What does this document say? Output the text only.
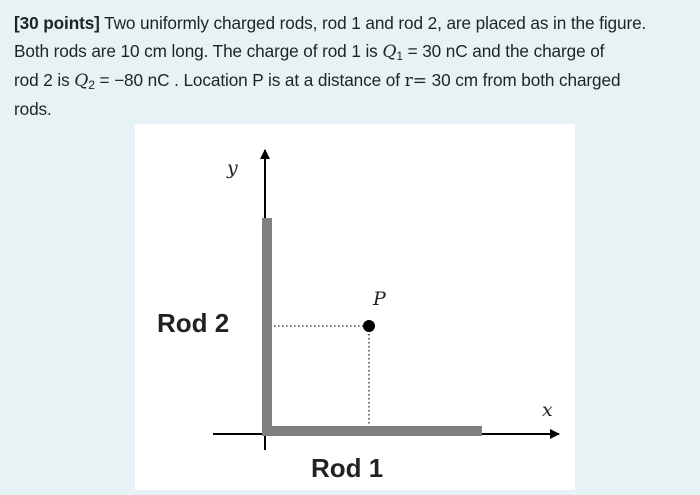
[30 points] Two uniformly charged rods, rod 1 and rod 2, are placed as in the figure.
Both rods are 10 cm long. The charge of rod 1 is $Q_1 = 30$ nC and the charge of
rod 2 is $Q_2 = -80$ nC . Location P is at a distance of r= 30 cm from both charged
rods.
y
x
P
Rod 2
Rod 1
